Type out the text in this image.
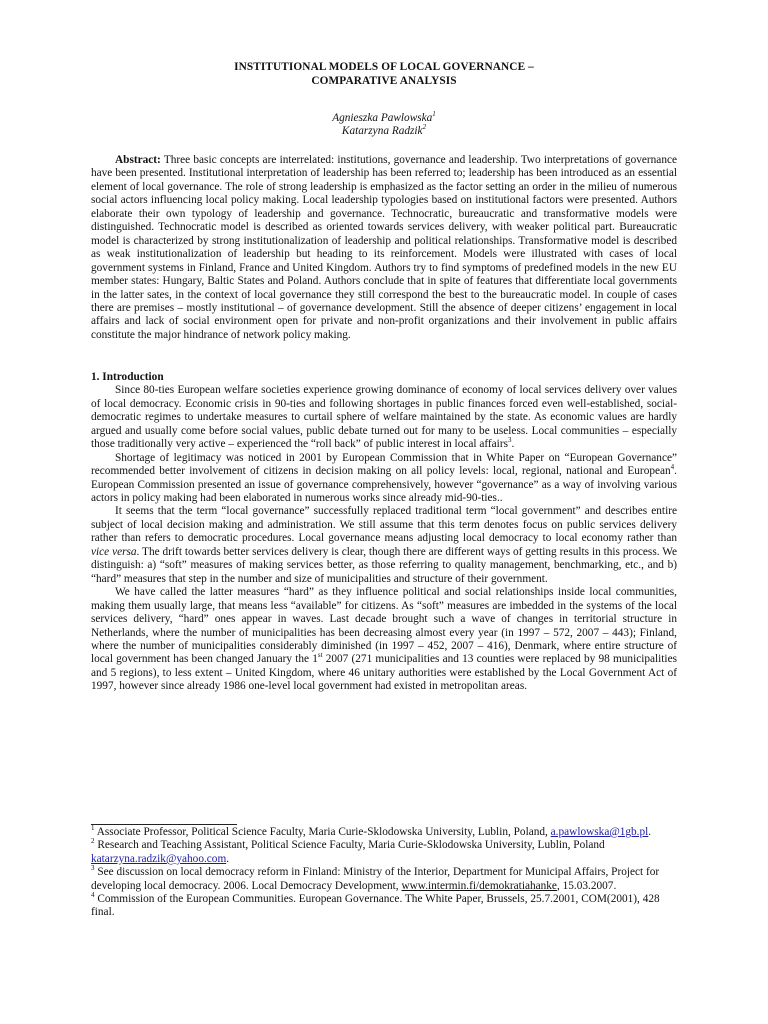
INSTITUTIONAL MODELS OF LOCAL GOVERNANCE –
COMPARATIVE ANALYSIS

Agnieszka Pawlowska$^1$
Katarzyna Radzik$^2$
Abstract: Three basic concepts are interrelated: institutions, governance and leadership. Two interpretations of governance have been presented. Institutional interpretation of leadership has been referred to; leadership has been introduced as an essential element of local governance. The role of strong leadership is emphasized as the factor setting an order in the milieu of numerous social actors influencing local policy making. Local leadership typologies based on institutional factors were presented. Authors elaborate their own typology of leadership and governance. Technocratic, bureaucratic and transformative models were distinguished. Technocratic model is described as oriented towards services delivery, with weaker political part. Bureaucratic model is characterized by strong institutionalization of leadership and political relationships. Transformative model is described as weak institutionalization of leadership but heading to its reinforcement. Models were illustrated with cases of local government systems in Finland, France and United Kingdom. Authors try to find symptoms of predefined models in the new EU member states: Hungary, Baltic States and Poland. Authors conclude that in spite of features that differentiate local governments in the latter sates, in the context of local governance they still correspond the best to the bureaucratic model. In couple of cases there are premises – mostly institutional – of governance development. Still the absence of deeper citizens’ engagement in local affairs and lack of social environment open for private and non-profit organizations and their involvement in public affairs constitute the major hindrance of network policy making.
1. Introduction

Since 80-ties European welfare societies experience growing dominance of economy of local services delivery over values of local democracy. Economic crisis in 90-ties and following shortages in public finances forced even well-established, social-democratic regimes to undertake measures to curtail sphere of welfare maintained by the state. As economic values are hardly argued and usually come before social values, public debate turned out for many to be useless. Local communities – especially those traditionally very active – experienced the “roll back” of public interest in local affairs$^3$.

Shortage of legitimacy was noticed in 2001 by European Commission that in White Paper on “European Governance” recommended better involvement of citizens in decision making on all policy levels: local, regional, national and European$^4$. European Commission presented an issue of governance comprehensively, however “governance” as a way of involving various actors in policy making had been elaborated in numerous works since already mid-90-ties..

It seems that the term “local governance” successfully replaced traditional term “local government” and describes entire subject of local decision making and administration. We still assume that this term denotes focus on public services delivery rather than refers to democratic procedures. Local governance means adjusting local democracy to local economy rather than vice versa. The drift towards better services delivery is clear, though there are different ways of getting results in this process. We distinguish: a) “soft” measures of making services better, as those referring to quality management, benchmarking, etc., and b) “hard” measures that step in the number and size of municipalities and structure of their government.

We have called the latter measures “hard” as they influence political and social relationships inside local communities, making them usually large, that means less “available” for citizens. As “soft” measures are imbedded in the systems of the local services delivery, “hard” ones appear in waves. Last decade brought such a wave of changes in territorial structure in Netherlands, where the number of municipalities has been decreasing almost every year (in 1997 – 572, 2007 – 443); Finland, where the number of municipalities considerably diminished (in 1997 – 452, 2007 – 416), Denmark, where entire structure of local government has been changed January the 1st 2007 (271 municipalities and 13 counties were replaced by 98 municipalities and 5 regions), to less extent – United Kingdom, where 46 unitary authorities were established by the Local Government Act of 1997, however since already 1986 one-level local government had existed in metropolitan areas.

$^1$ Associate Professor, Political Science Faculty, Maria Curie-Sklodowska University, Lublin, Poland, a.pawlowska@1gb.pl.

$^2$ Research and Teaching Assistant, Political Science Faculty, Maria Curie-Sklodowska University, Lublin, Poland katarzyna.radzik@yahoo.com.

$^3$ See discussion on local democracy reform in Finland: Ministry of the Interior, Department for Municipal Affairs, Project for developing local democracy. 2006. Local Democracy Development, www.intermin.fi/demokratiahanke, 15.03.2007.

$^4$ Commission of the European Communities. European Governance. The White Paper, Brussels, 25.7.2001, COM(2001), 428 final.
